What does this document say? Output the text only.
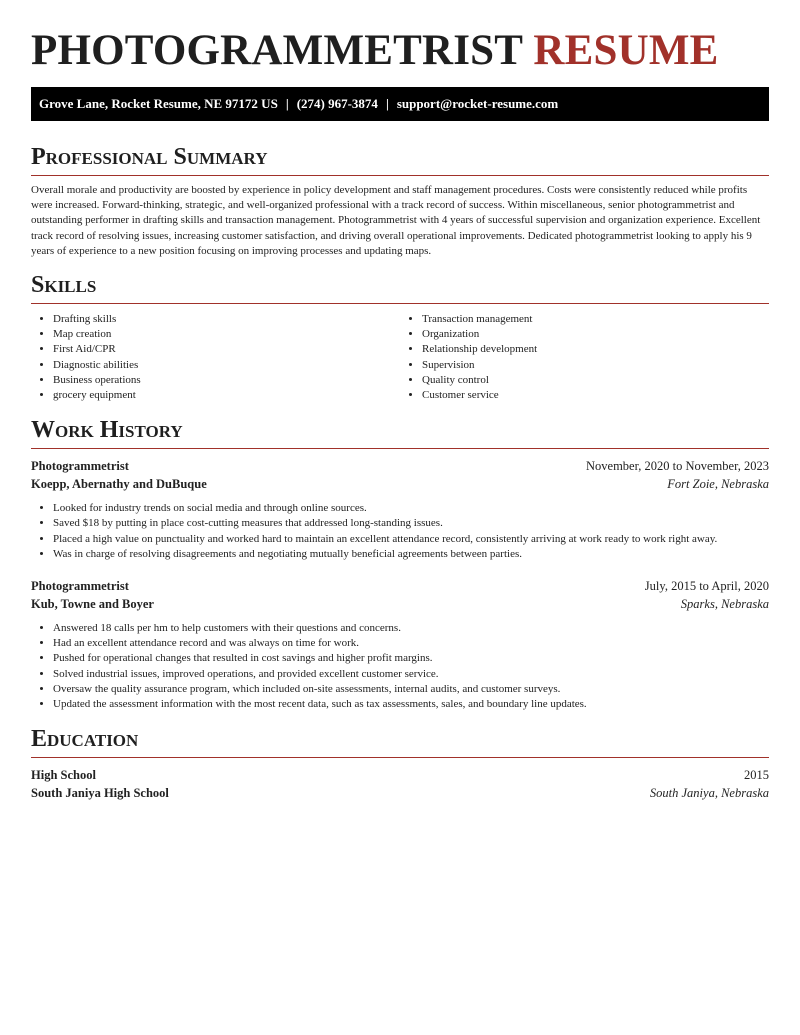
PHOTOGRAMMETRIST RESUME
Grove Lane, Rocket Resume, NE 97172 US | (274) 967-3874 | support@rocket-resume.com
Professional Summary

Overall morale and productivity are boosted by experience in policy development and staff management procedures. Costs were consistently reduced while profits were increased. Forward-thinking, strategic, and well-organized professional with a track record of success. Within miscellaneous, senior photogrammetrist and outstanding performer in drafting skills and transaction management. Photogrammetrist with 4 years of successful supervision and organization experience. Excellent track record of resolving issues, increasing customer satisfaction, and driving overall operational improvements. Dedicated photogrammetrist looking to apply his 9 years of experience to a new position focusing on improving processes and updating maps.

Skills
• Drafting skills
• Map creation
• First Aid/CPR
• Diagnostic abilities
• Business operations
• grocery equipment
• Transaction management
• Organization
• Relationship development
• Supervision
• Quality control
• Customer service
Work History
Photogrammetrist	November, 2020 to November, 2023
Koepp, Abernathy and DuBuque	Fort Zoie, Nebraska
• Looked for industry trends on social media and through online sources.
• Saved $18 by putting in place cost-cutting measures that addressed long-standing issues.
• Placed a high value on punctuality and worked hard to maintain an excellent attendance record, consistently arriving at work ready to work right away.
• Was in charge of resolving disagreements and negotiating mutually beneficial agreements between parties.
Photogrammetrist	July, 2015 to April, 2020
Kub, Towne and Boyer	Sparks, Nebraska
• Answered 18 calls per hm to help customers with their questions and concerns.
• Had an excellent attendance record and was always on time for work.
• Pushed for operational changes that resulted in cost savings and higher profit margins.
• Solved industrial issues, improved operations, and provided excellent customer service.
• Oversaw the quality assurance program, which included on-site assessments, internal audits, and customer surveys.
• Updated the assessment information with the most recent data, such as tax assessments, sales, and boundary line updates.
Education
High School	2015
South Janiya High School	South Janiya, Nebraska
